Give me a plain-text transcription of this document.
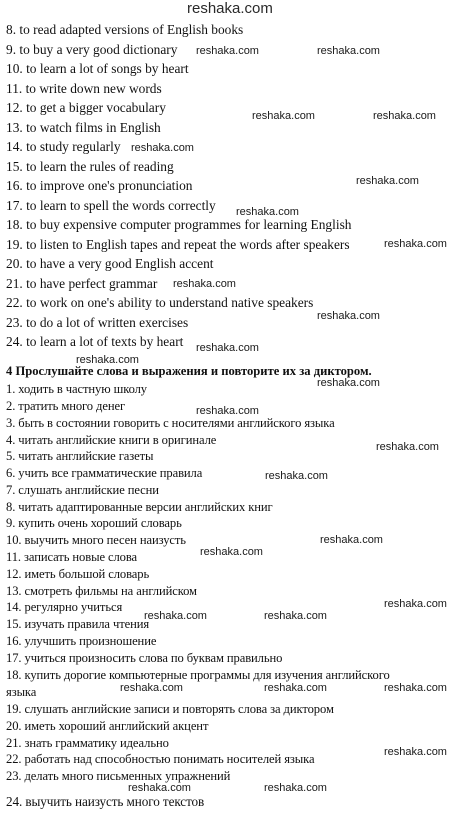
reshaka.com
8. to read adapted versions of English books
9. to buy a very good dictionary
10. to learn a lot of songs by heart
11. to write down new words
12. to get a bigger vocabulary
13. to watch films in English
14. to study regularly
15. to learn the rules of reading
16. to improve one's pronunciation
17. to learn to spell the words correctly
18. to buy expensive computer programmes for learning English
19. to listen to English tapes and repeat the words after speakers
20. to have a very good English accent
21. to have perfect grammar
22. to work on one's ability to understand native speakers
23. to do a lot of written exercises
24. to learn a lot of texts by heart
4 Прослушайте слова и выражения и повторите их за диктором.
1. ходить в частную школу
2. тратить много денег
3. быть в состоянии говорить с носителями английского языка
4. читать английские книги в оригинале
5. читать английские газеты
6. учить все грамматические правила
7. слушать английские песни
8. читать адаптированные версии английских книг
9. купить очень хороший словарь
10. выучить много песен наизусть
11. записать новые слова
12. иметь большой словарь
13. смотреть фильмы на английском
14. регулярно учиться
15. изучать правила чтения
16. улучшить произношение
17. учиться произносить слова по буквам правильно
18. купить дорогие компьютерные программы для изучения английского
языка
19. слушать английские записи и повторять слова за диктором
20. иметь хороший английский акцент
21. знать грамматику идеально
22. работать над способностью понимать носителей языка
23. делать много письменных упражнений
24. выучить наизусть много текстов
reshaka.com	reshaka.com
reshaka.com	reshaka.com
reshaka.com
reshaka.com
reshaka.com
reshaka.com
reshaka.com
reshaka.com
reshaka.com
reshaka.com
reshaka.com
reshaka.com
reshaka.com
reshaka.com
reshaka.com
reshaka.com
reshaka.com
reshaka.com	reshaka.com
reshaka.com	reshaka.com	reshaka.com
reshaka.com
reshaka.com	reshaka.com
